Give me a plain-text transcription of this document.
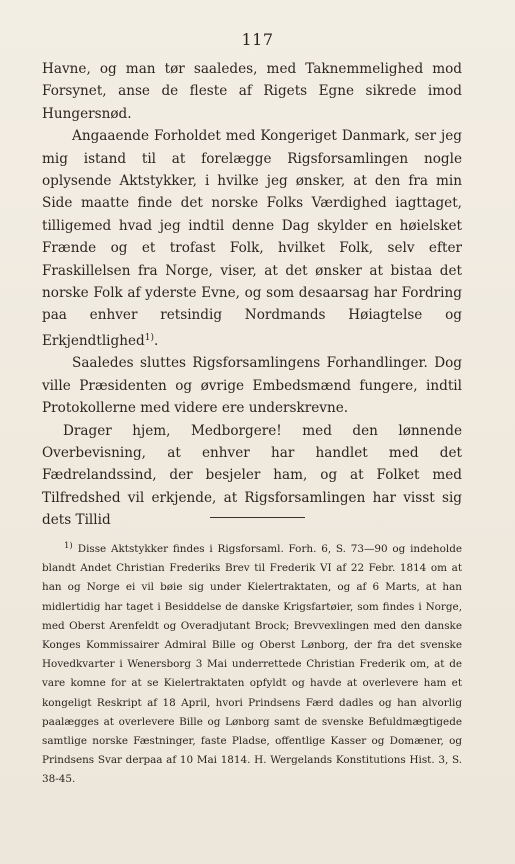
117

Havne, og man tør saaledes, med Taknemmelighed mod Forsynet, anse de fleste af Rigets Egne sikrede imod Hungersnød.

Angaaende Forholdet med Kongeriget Danmark, ser jeg mig istand til at forelægge Rigsforsamlingen nogle oplysende Aktstykker, i hvilke jeg ønsker, at den fra min Side maatte finde det norske Folks Værdighed iagttaget, tilligemed hvad jeg indtil denne Dag skylder en høielsket Frænde og et trofast Folk, hvilket Folk, selv efter Fraskillelsen fra Norge, viser, at det ønsker at bistaa det norske Folk af yderste Evne, og som desaarsag har Fordring paa enhver retsindig Nordmands Høiagtelse og Erkjendtlighed$^{1)}$.

Saaledes sluttes Rigsforsamlingens Forhandlinger. Dog ville Præsidenten og øvrige Embedsmænd fungere, indtil Protokollerne med videre ere underskrevne.

Drager hjem, Medborgere! med den lønnende Overbevisning, at enhver har handlet med det Fædrelandssind, der besjeler ham, og at Folket med Tilfredshed vil erkjende, at Rigsforsamlingen har visst sig dets Tillid

$^{1)}$ Disse Aktstykker findes i Rigsforsaml. Forh. 6, S. 73—90 og indeholde blandt Andet Christian Frederiks Brev til Frederik VI af 22 Febr. 1814 om at han og Norge ei vil bøie sig under Kielertraktaten, og af 6 Marts, at han midlertidig har taget i Besiddelse de danske Krigsfartøier, som findes i Norge, med Oberst Arenfeldt og Overadjutant Brock; Brevvexlingen med den danske Konges Kommissairer Admiral Bille og Oberst Lønborg, der fra det svenske Hovedkvarter i Wenersborg 3 Mai underrettede Christian Frederik om, at de vare komne for at se Kielertraktaten opfyldt og havde at overlevere ham et kongeligt Reskript af 18 April, hvori Prindsens Færd dadles og han alvorlig paalægges at overlevere Bille og Lønborg samt de svenske Befuldmægtigede samtlige norske Fæstninger, faste Pladse, offentlige Kasser og Domæner, og Prindsens Svar derpaa af 10 Mai 1814. H. Wergelands Konstitutions Hist. 3, S. 38-45.
